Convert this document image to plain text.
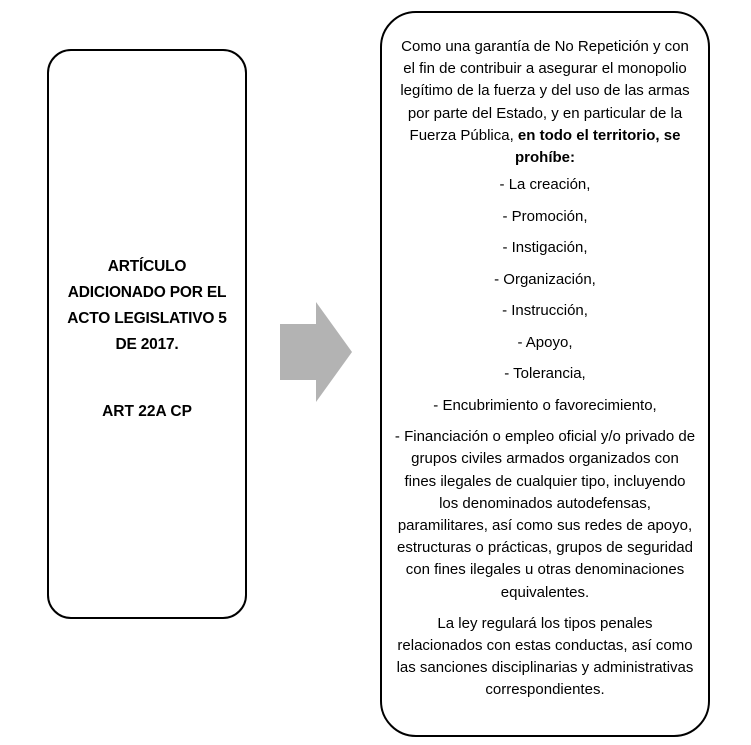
ARTÍCULO
ADICIONADO POR EL
ACTO LEGISLATIVO 5
DE 2017.
ART 22A CP

Como una garantía de No Repetición y con el fin de contribuir a asegurar el monopolio legítimo de la fuerza y del uso de las armas por parte del Estado, y en particular de la Fuerza Pública, en todo el territorio, se prohíbe:

- La creación,

- Promoción,

- Instigación,

- Organización,

- Instrucción,

- Apoyo,

- Tolerancia,

- Encubrimiento o favorecimiento,

- Financiación o empleo oficial y/o privado de grupos civiles armados organizados con fines ilegales de cualquier tipo, incluyendo los denominados autodefensas, paramilitares, así como sus redes de apoyo, estructuras o prácticas, grupos de seguridad con fines ilegales u otras denominaciones equivalentes.

La ley regulará los tipos penales relacionados con estas conductas, así como las sanciones disciplinarias y administrativas correspondientes.
